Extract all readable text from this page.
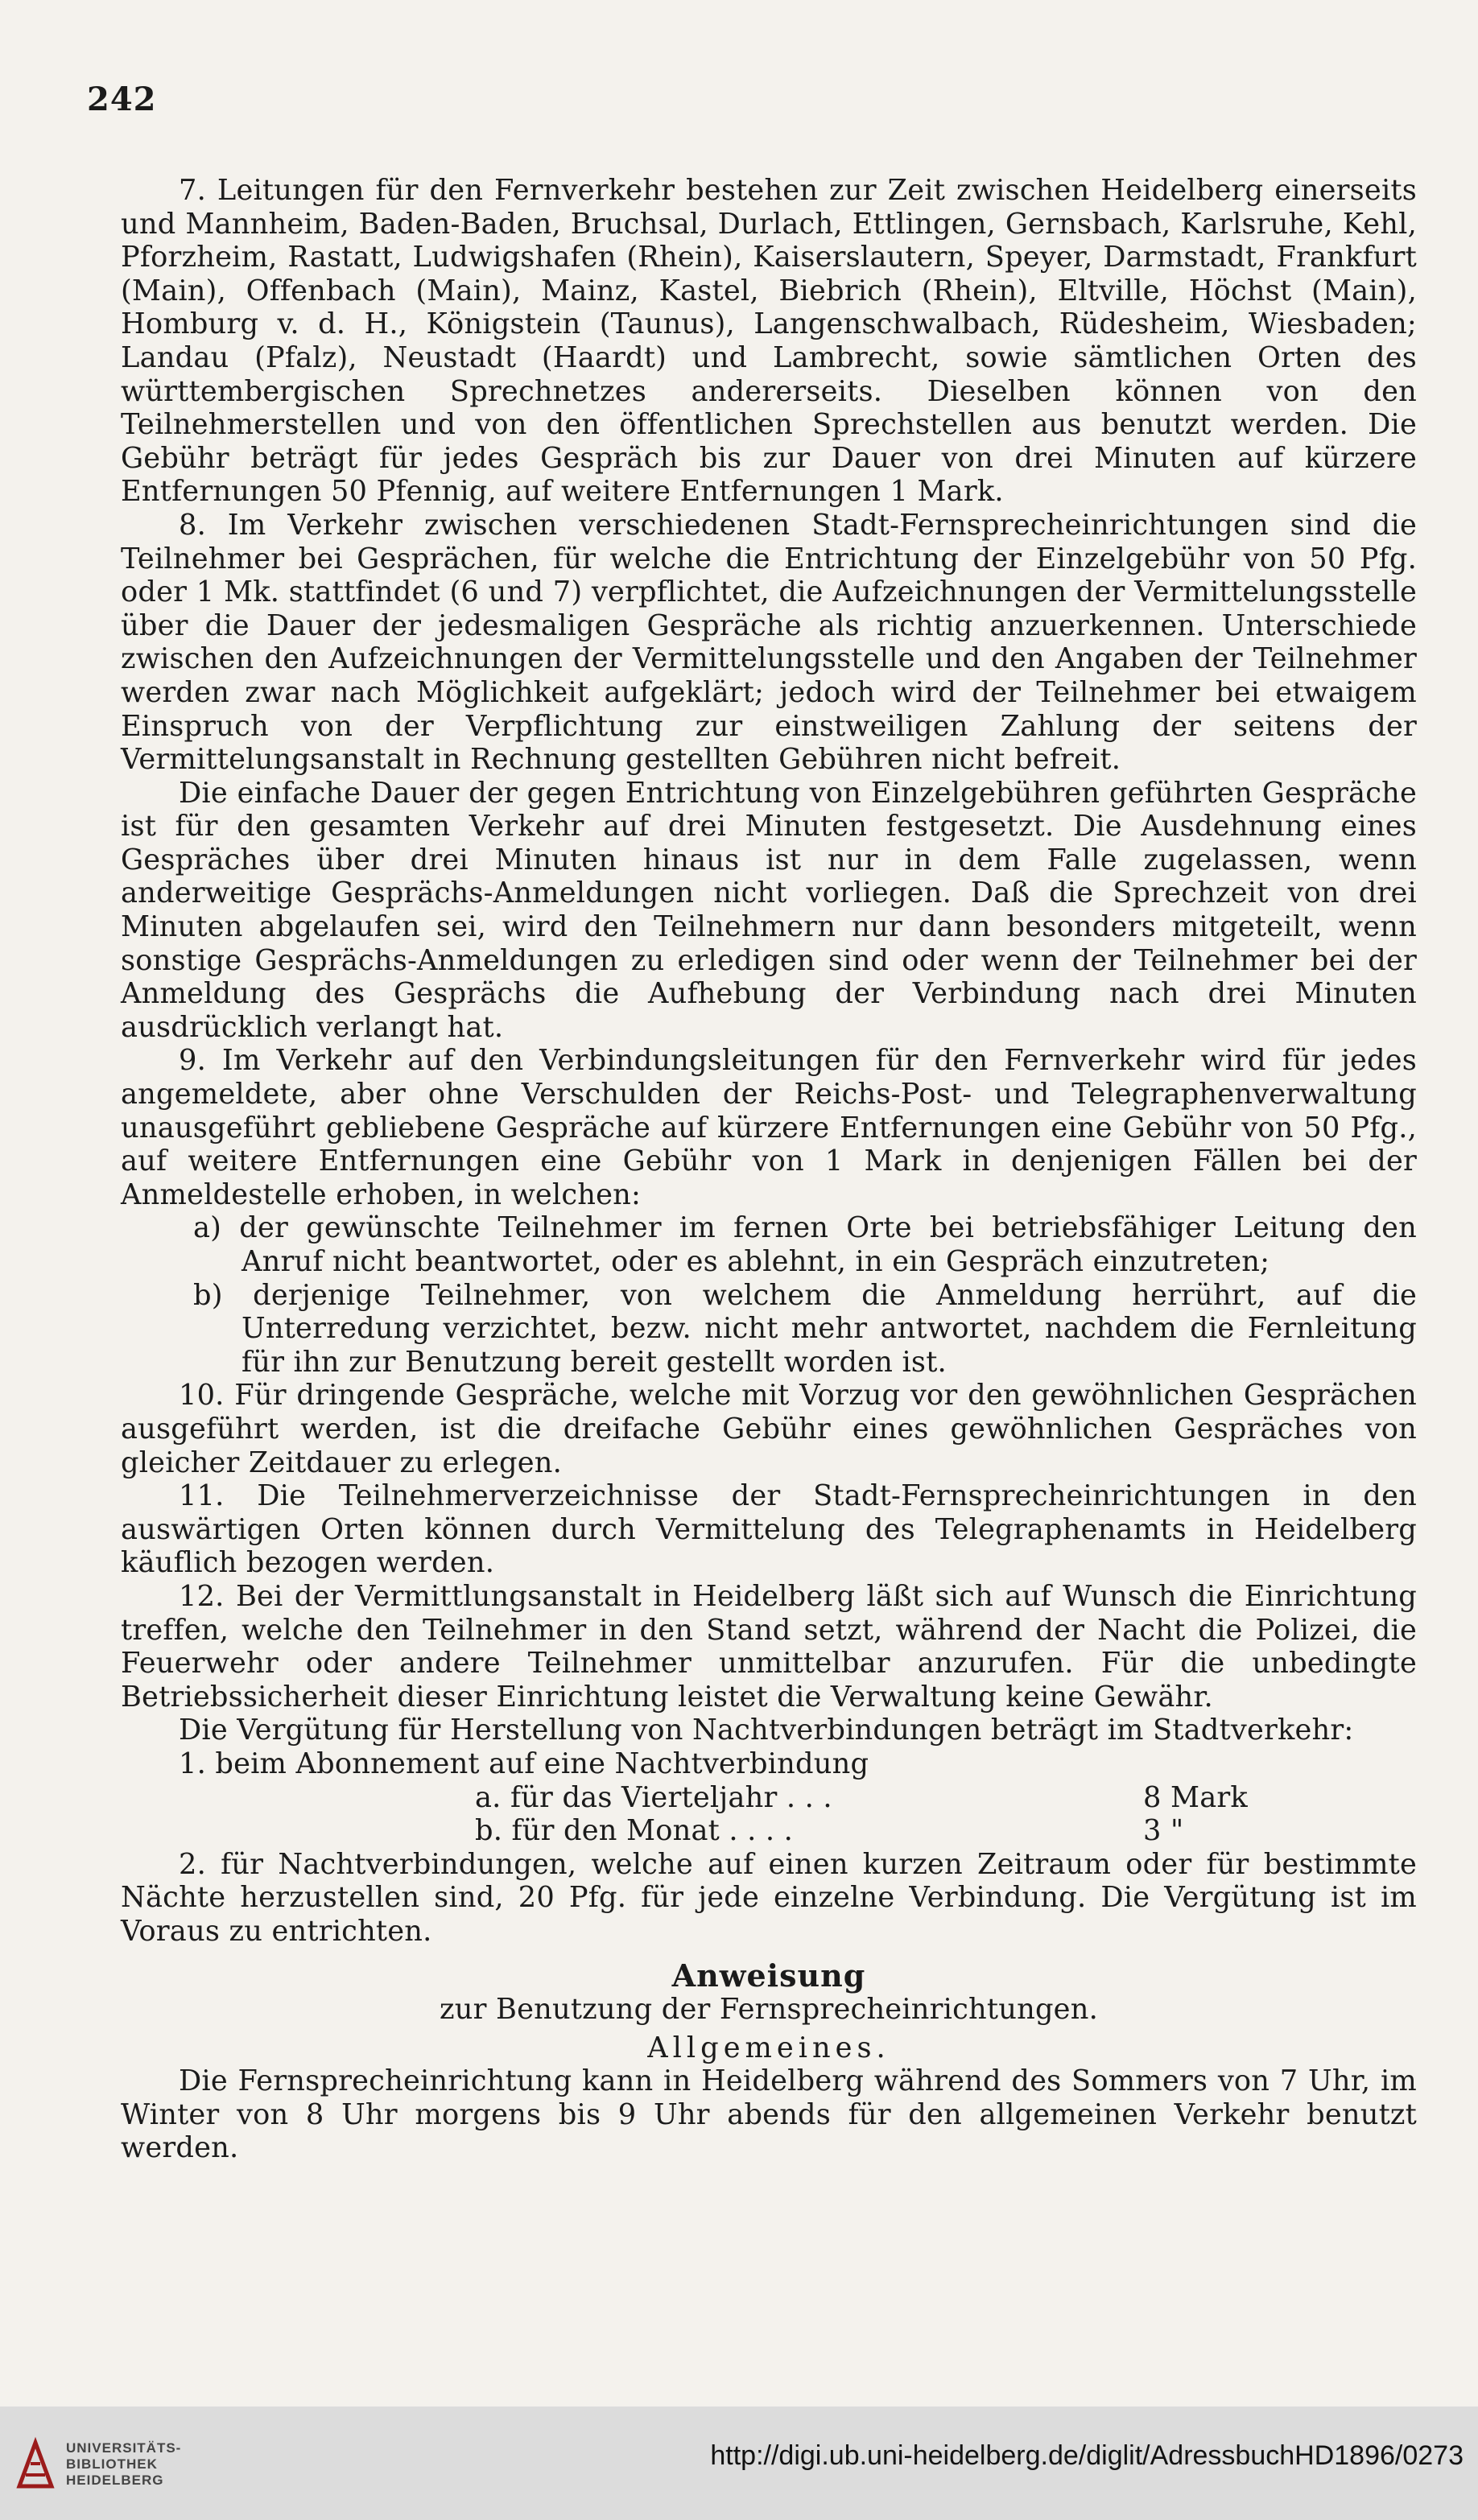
242

7. Leitungen für den Fernverkehr bestehen zur Zeit zwischen Heidelberg einerseits und Mannheim, Baden-Baden, Bruchsal, Durlach, Ettlingen, Gernsbach, Karlsruhe, Kehl, Pforzheim, Rastatt, Ludwigshafen (Rhein), Kaiserslautern, Speyer, Darmstadt, Frankfurt (Main), Offenbach (Main), Mainz, Kastel, Biebrich (Rhein), Eltville, Höchst (Main), Homburg v. d. H., Königstein (Taunus), Langenschwalbach, Rüdesheim, Wiesbaden; Landau (Pfalz), Neustadt (Haardt) und Lambrecht, sowie sämtlichen Orten des württembergischen Sprechnetzes andererseits. Dieselben können von den Teilnehmerstellen und von den öffentlichen Sprechstellen aus benutzt werden. Die Gebühr beträgt für jedes Gespräch bis zur Dauer von drei Minuten auf kürzere Entfernungen 50 Pfennig, auf weitere Entfernungen 1 Mark.

8. Im Verkehr zwischen verschiedenen Stadt-Fernsprecheinrichtungen sind die Teilnehmer bei Gesprächen, für welche die Entrichtung der Einzelgebühr von 50 Pfg. oder 1 Mk. stattfindet (6 und 7) verpflichtet, die Aufzeichnungen der Vermittelungsstelle über die Dauer der jedesmaligen Gespräche als richtig anzuerkennen. Unterschiede zwischen den Aufzeichnungen der Vermittelungsstelle und den Angaben der Teilnehmer werden zwar nach Möglichkeit aufgeklärt; jedoch wird der Teilnehmer bei etwaigem Einspruch von der Verpflichtung zur einstweiligen Zahlung der seitens der Vermittelungsanstalt in Rechnung gestellten Gebühren nicht befreit.

Die einfache Dauer der gegen Entrichtung von Einzelgebühren geführten Gespräche ist für den gesamten Verkehr auf drei Minuten festgesetzt. Die Ausdehnung eines Gespräches über drei Minuten hinaus ist nur in dem Falle zugelassen, wenn anderweitige Gesprächs-Anmeldungen nicht vorliegen. Daß die Sprechzeit von drei Minuten abgelaufen sei, wird den Teilnehmern nur dann besonders mitgeteilt, wenn sonstige Gesprächs-Anmeldungen zu erledigen sind oder wenn der Teilnehmer bei der Anmeldung des Gesprächs die Aufhebung der Verbindung nach drei Minuten ausdrücklich verlangt hat.

9. Im Verkehr auf den Verbindungsleitungen für den Fernverkehr wird für jedes angemeldete, aber ohne Verschulden der Reichs-Post- und Telegraphenverwaltung unausgeführt gebliebene Gespräche auf kürzere Entfernungen eine Gebühr von 50 Pfg., auf weitere Entfernungen eine Gebühr von 1 Mark in denjenigen Fällen bei der Anmeldestelle erhoben, in welchen:

a) der gewünschte Teilnehmer im fernen Orte bei betriebsfähiger Leitung den Anruf nicht beantwortet, oder es ablehnt, in ein Gespräch einzutreten;

b) derjenige Teilnehmer, von welchem die Anmeldung herrührt, auf die Unterredung verzichtet, bezw. nicht mehr antwortet, nachdem die Fernleitung für ihn zur Benutzung bereit gestellt worden ist.

10. Für dringende Gespräche, welche mit Vorzug vor den gewöhnlichen Gesprächen ausgeführt werden, ist die dreifache Gebühr eines gewöhnlichen Gespräches von gleicher Zeitdauer zu erlegen.

11. Die Teilnehmerverzeichnisse der Stadt-Fernsprecheinrichtungen in den auswärtigen Orten können durch Vermittelung des Telegraphenamts in Heidelberg käuflich bezogen werden.

12. Bei der Vermittlungsanstalt in Heidelberg läßt sich auf Wunsch die Einrichtung treffen, welche den Teilnehmer in den Stand setzt, während der Nacht die Polizei, die Feuerwehr oder andere Teilnehmer unmittelbar anzurufen. Für die unbedingte Betriebssicherheit dieser Einrichtung leistet die Verwaltung keine Gewähr.

Die Vergütung für Herstellung von Nachtverbindungen beträgt im Stadtverkehr:

1. beim Abonnement auf eine Nachtverbindung

a. für das Vierteljahr . . .	8 Mark
b. für den Monat . . . .	3 "

2. für Nachtverbindungen, welche auf einen kurzen Zeitraum oder für bestimmte Nächte herzustellen sind, 20 Pfg. für jede einzelne Verbindung. Die Vergütung ist im Voraus zu entrichten.

Anweisung

zur Benutzung der Fernsprecheinrichtungen.

Allgemeines.

Die Fernsprecheinrichtung kann in Heidelberg während des Sommers von 7 Uhr, im Winter von 8 Uhr morgens bis 9 Uhr abends für den allgemeinen Verkehr benutzt werden.

UNIVERSITÄTS-
BIBLIOTHEK
HEIDELBERG
http://digi.ub.uni-heidelberg.de/diglit/AdressbuchHD1896/0273
